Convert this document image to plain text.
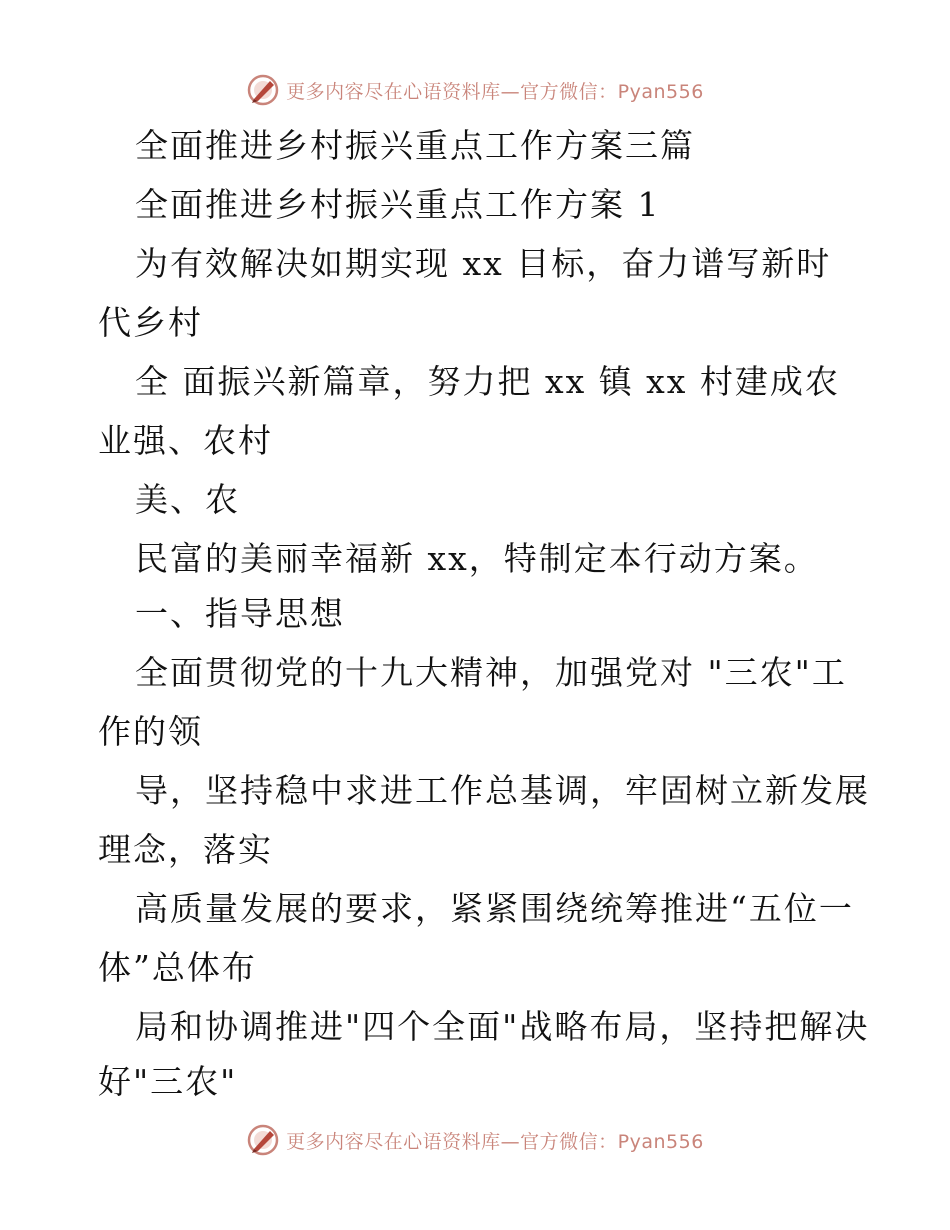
更多内容尽在心语资料库—官方微信：Pyan556
全面推进乡村振兴重点工作方案三篇
全面推进乡村振兴重点工作方案 1
为有效解决如期实现 xx 目标，奋力谱写新时
代乡村
全 面振兴新篇章，努力把 xx 镇 xx 村建成农
业强、农村
美、农
民富的美丽幸福新 xx，特制定本行动方案。
一、指导思想
全面贯彻党的十九大精神，加强党对 "三农"工
作的领
导，坚持稳中求进工作总基调，牢固树立新发展
理念，落实
高质量发展的要求，紧紧围绕统筹推进“五位一
体”总体布
局和协调推进"四个全面"战略布局，坚持把解决
好"三农"
更多内容尽在心语资料库—官方微信：Pyan556
